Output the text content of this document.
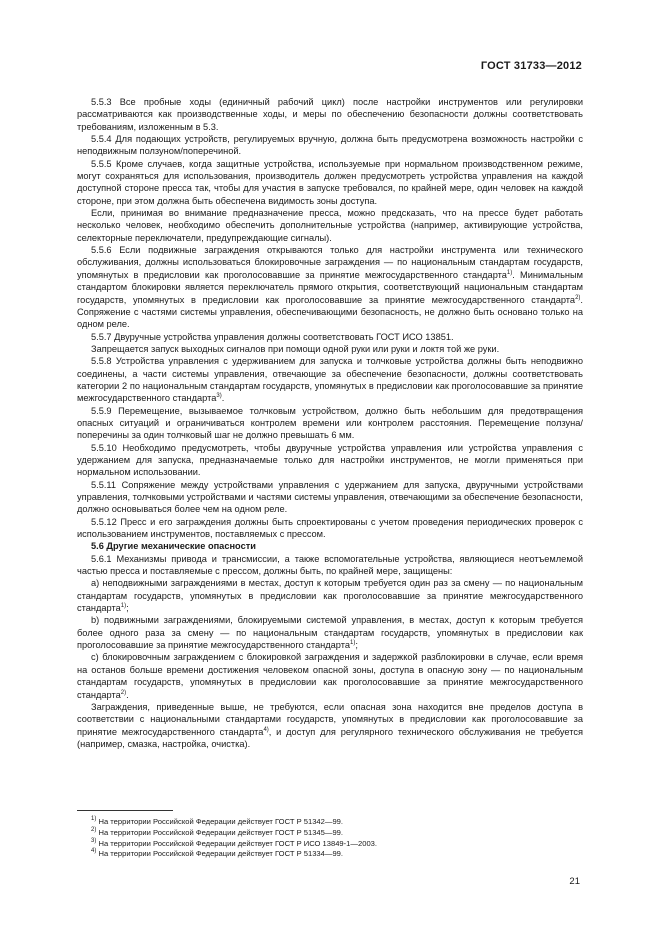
ГОСТ 31733—2012

5.5.3 Все пробные ходы (единичный рабочий цикл) после настройки инструментов или регулировки рассматриваются как производственные ходы, и меры по обеспечению безопасности должны соответствовать требованиям, изложенным в 5.3.

5.5.4 Для подающих устройств, регулируемых вручную, должна быть предусмотрена возможность настройки с неподвижным ползуном/поперечиной.

5.5.5 Кроме случаев, когда защитные устройства, используемые при нормальном производственном режиме, могут сохраняться для использования, производитель должен предусмотреть устройства управления на каждой доступной стороне пресса так, чтобы для участия в запуске требовался, по крайней мере, один человек на каждой стороне, при этом должна быть обеспечена видимость зоны доступа.

Если, принимая во внимание предназначение пресса, можно предсказать, что на прессе будет работать несколько человек, необходимо обеспечить дополнительные устройства (например, активирующие устройства, селекторные переключатели, предупреждающие сигналы).

5.5.6 Если подвижные заграждения открываются только для настройки инструмента или технического обслуживания, должны использоваться блокировочные заграждения — по национальным стандартам государств, упомянутых в предисловии как проголосовавшие за принятие межгосударственного стандарта$^{1)}$. Минимальным стандартом блокировки является переключатель прямого открытия, соответствующий национальным стандартам государств, упомянутых в предисловии как проголосовавшие за принятие межгосударственного стандарта$^{2)}$. Сопряжение с частями системы управления, обеспечивающими безопасность, не должно быть основано только на одном реле.

5.5.7 Двуручные устройства управления должны соответствовать ГОСТ ИСО 13851.

Запрещается запуск выходных сигналов при помощи одной руки или руки и локтя той же руки.

5.5.8 Устройства управления с удерживанием для запуска и толчковые устройства должны быть неподвижно соединены, а части системы управления, отвечающие за обеспечение безопасности, должны соответствовать категории 2 по национальным стандартам государств, упомянутых в предисловии как проголосовавшие за принятие межгосударственного стандарта$^{3)}$.

5.5.9 Перемещение, вызываемое толчковым устройством, должно быть небольшим для предотвращения опасных ситуаций и ограничиваться контролем времени или контролем расстояния. Перемещение ползуна/поперечины за один толчковый шаг не должно превышать 6 мм.

5.5.10 Необходимо предусмотреть, чтобы двуручные устройства управления или устройства управления с удержанием для запуска, предназначаемые только для настройки инструментов, не могли применяться при нормальном использовании.

5.5.11 Сопряжение между устройствами управления с удержанием для запуска, двуручными устройствами управления, толчковыми устройствами и частями системы управления, отвечающими за обеспечение безопасности, должно основываться более чем на одном реле.

5.5.12 Пресс и его заграждения должны быть спроектированы с учетом проведения периодических проверок с использованием инструментов, поставляемых с прессом.

5.6 Другие механические опасности

5.6.1 Механизмы привода и трансмиссии, а также вспомогательные устройства, являющиеся неотъемлемой частью пресса и поставляемые с прессом, должны быть, по крайней мере, защищены:

а) неподвижными заграждениями в местах, доступ к которым требуется один раз за смену — по национальным стандартам государств, упомянутых в предисловии как проголосовавшие за принятие межгосударственного стандарта$^{1)}$;

b) подвижными заграждениями, блокируемыми системой управления, в местах, доступ к которым требуется более одного раза за смену — по национальным стандартам государств, упомянутых в предисловии как проголосовавшие за принятие межгосударственного стандарта$^{1)}$;

c) блокировочным заграждением с блокировкой заграждения и задержкой разблокировки в случае, если время на останов больше времени достижения человеком опасной зоны, доступа в опасную зону — по национальным стандартам государств, упомянутых в предисловии как проголосовавшие за принятие межгосударственного стандарта$^{2)}$.

Заграждения, приведенные выше, не требуются, если опасная зона находится вне пределов доступа в соответствии с национальными стандартами государств, упомянутых в предисловии как проголосовавшие за принятие межгосударственного стандарта$^{4)}$, и доступ для регулярного технического обслуживания не требуется (например, смазка, настройка, очистка).

$^{1)}$ На территории Российской Федерации действует ГОСТ Р 51342—99.
$^{2)}$ На территории Российской Федерации действует ГОСТ Р 51345—99.
$^{3)}$ На территории Российской Федерации действует ГОСТ Р ИСО 13849-1—2003.
$^{4)}$ На территории Российской Федерации действует ГОСТ Р 51334—99.
21
